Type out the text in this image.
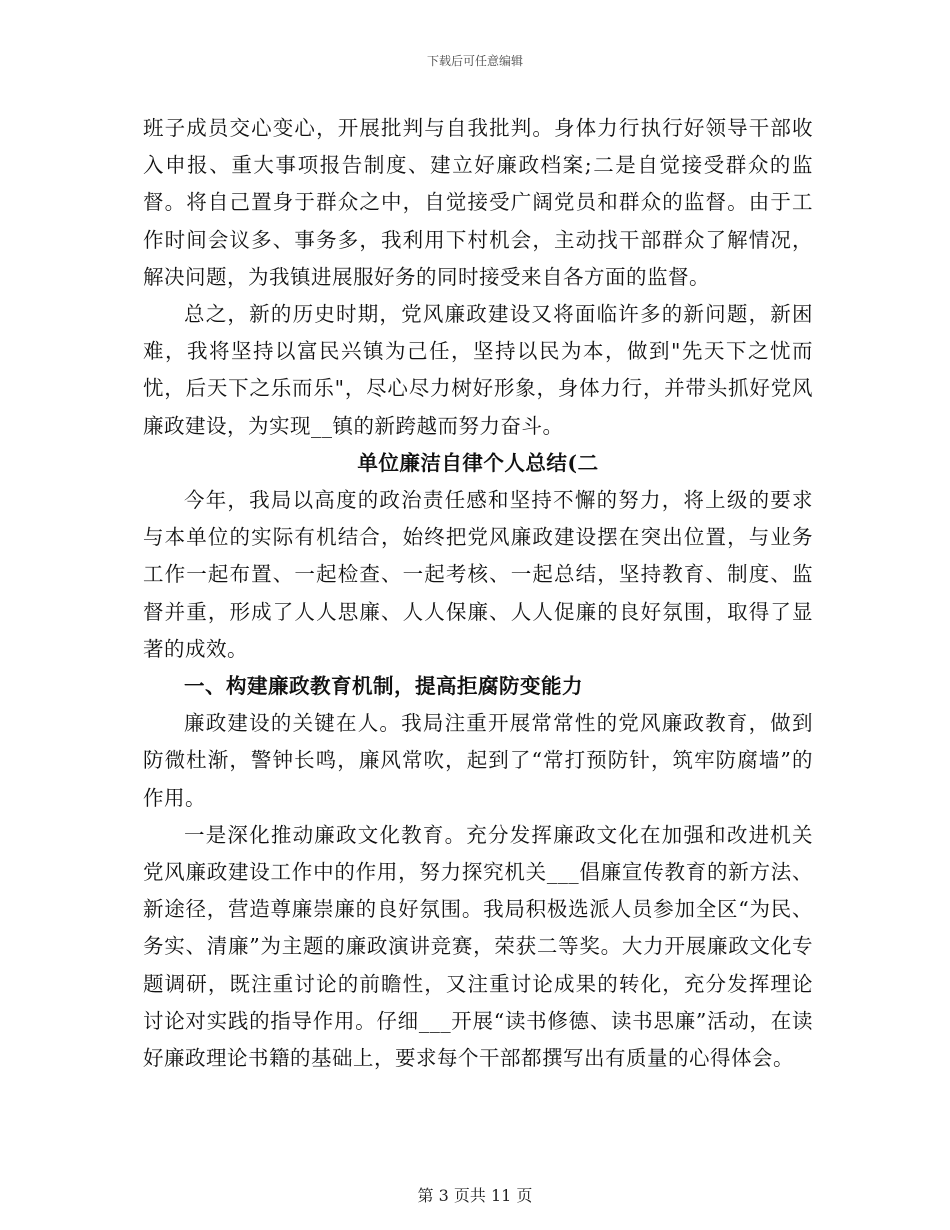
下载后可任意编辑

班子成员交心变心，开展批判与自我批判。身体力行执行好领导干部收入申报、重大事项报告制度、建立好廉政档案;二是自觉接受群众的监督。将自己置身于群众之中，自觉接受广阔党员和群众的监督。由于工作时间会议多、事务多，我利用下村机会，主动找干部群众了解情况，解决问题，为我镇进展服好务的同时接受来自各方面的监督。

总之，新的历史时期，党风廉政建设又将面临许多的新问题，新困难，我将坚持以富民兴镇为己任，坚持以民为本，做到"先天下之忧而忧，后天下之乐而乐"，尽心尽力树好形象，身体力行，并带头抓好党风廉政建设，为实现__镇的新跨越而努力奋斗。

单位廉洁自律个人总结(二

今年，我局以高度的政治责任感和坚持不懈的努力，将上级的要求与本单位的实际有机结合，始终把党风廉政建设摆在突出位置，与业务工作一起布置、一起检查、一起考核、一起总结，坚持教育、制度、监督并重，形成了人人思廉、人人保廉、人人促廉的良好氛围，取得了显著的成效。

一、构建廉政教育机制，提高拒腐防变能力

廉政建设的关键在人。我局注重开展常常性的党风廉政教育，做到防微杜渐，警钟长鸣，廉风常吹，起到了“常打预防针，筑牢防腐墙”的作用。

一是深化推动廉政文化教育。充分发挥廉政文化在加强和改进机关党风廉政建设工作中的作用，努力探究机关___倡廉宣传教育的新方法、新途径，营造尊廉崇廉的良好氛围。我局积极选派人员参加全区“为民、务实、清廉”为主题的廉政演讲竞赛，荣获二等奖。大力开展廉政文化专题调研，既注重讨论的前瞻性，又注重讨论成果的转化，充分发挥理论讨论对实践的指导作用。仔细___开展“读书修德、读书思廉”活动，在读好廉政理论书籍的基础上，要求每个干部都撰写出有质量的心得体会。

第 3 页共 11 页
